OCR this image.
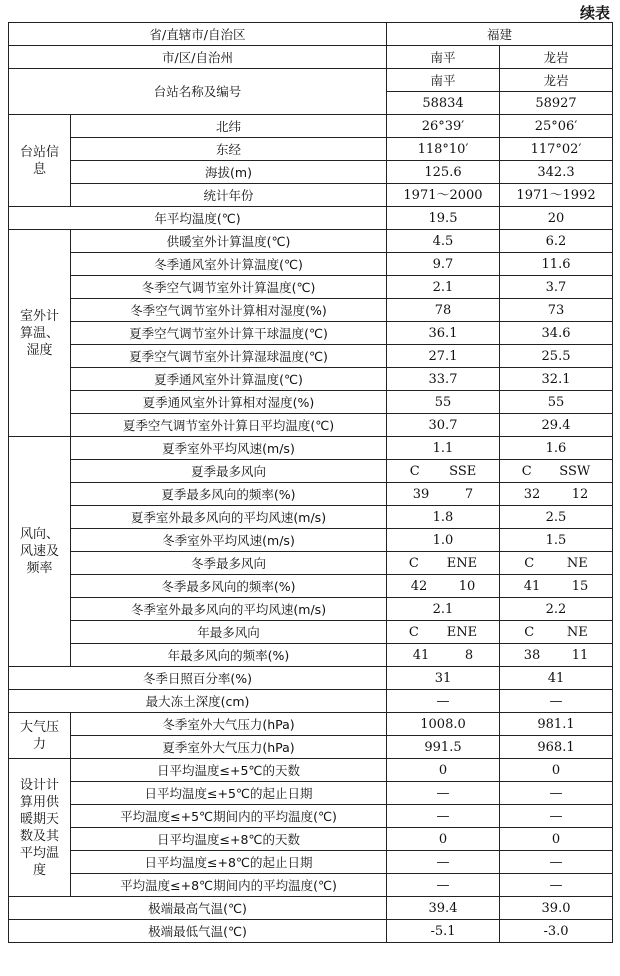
续表
省/直辖市/自治区		福建	
市/区/自治州		南平	龙岩
台站名称及编号		南平	龙岩
		58834	58927
台站信息	北纬	26°39′	25°06′
	东经	118°10′	117°02′
	海拔(m)	125.6	342.3
	统计年份	1971～2000	1971～1992
年平均温度(℃)		19.5	20
室外计算温、湿度	供暖室外计算温度(℃)	4.5	6.2
	冬季通风室外计算温度(℃)	9.7	11.6
	冬季空气调节室外计算温度(℃)	2.1	3.7
	冬季空气调节室外计算相对湿度(%)	78	73
	夏季空气调节室外计算干球温度(℃)	36.1	34.6
	夏季空气调节室外计算湿球温度(℃)	27.1	25.5
	夏季通风室外计算温度(℃)	33.7	32.1
	夏季通风室外计算相对湿度(%)	55	55
	夏季空气调节室外计算日平均温度(℃)	30.7	29.4
风向、风速及频率	夏季室外平均风速(m/s)	1.1	1.6
	夏季最多风向	C SSE	C SSW

	夏季最多风向的频率(%)	39 7	32 12

	夏季室外最多风向的平均风速(m/s)	1.8	2.5
	冬季室外平均风速(m/s)	1.0	1.5
	冬季最多风向	C ENE	C NE

	冬季最多风向的频率(%)	42 10	41 15

	冬季室外最多风向的平均风速(m/s)	2.1	2.2
	年最多风向	C ENE	C NE

	年最多风向的频率(%)	41 8	38 11

冬季日照百分率(%)		31	41
最大冻土深度(cm)		—	—
大气压力	冬季室外大气压力(hPa)	1008.0	981.1
	夏季室外大气压力(hPa)	991.5	968.1
设计计算用供暖期天数及其平均温度	日平均温度≤+5℃的天数	0	0
	日平均温度≤+5℃的起止日期	—	—
	平均温度≤+5℃期间内的平均温度(℃)	—	—
	日平均温度≤+8℃的天数	0	0
	日平均温度≤+8℃的起止日期	—	—
	平均温度≤+8℃期间内的平均温度(℃)	—	—
极端最高气温(℃)		39.4	39.0
极端最低气温(℃)		-5.1	-3.0
